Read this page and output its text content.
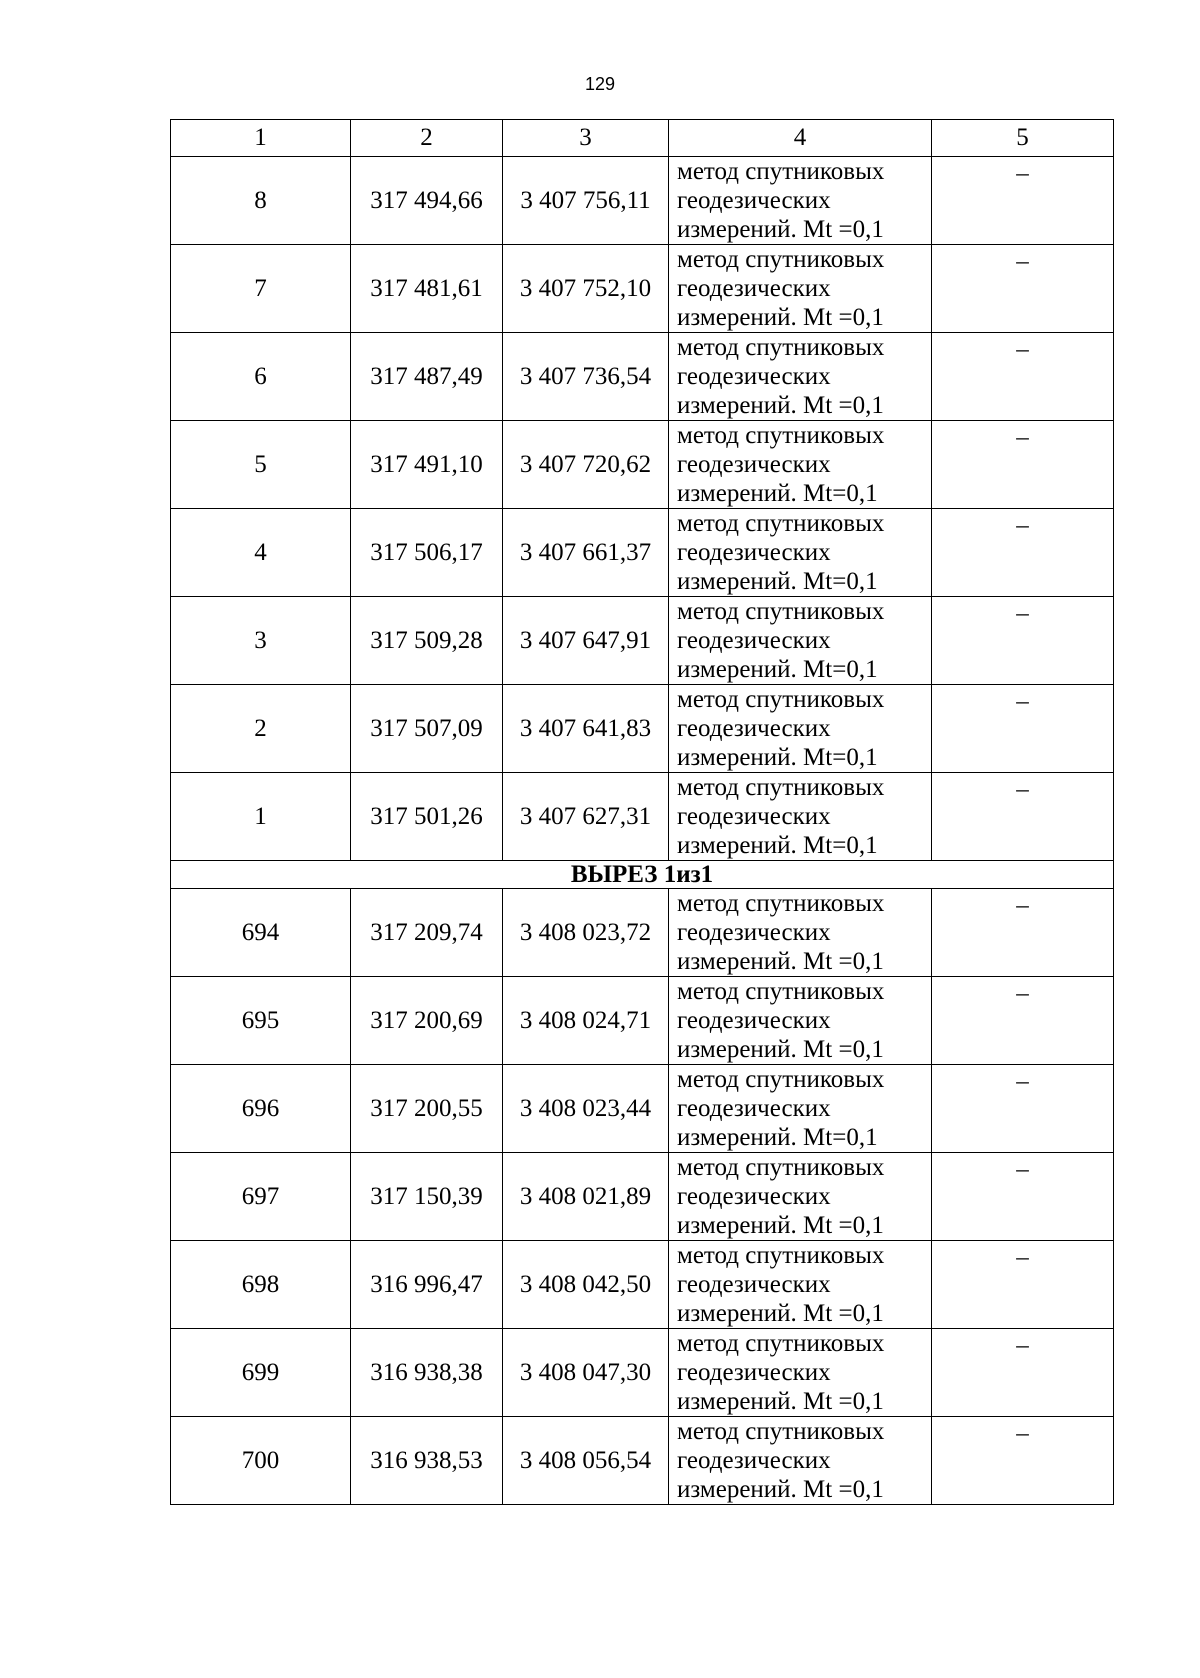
129
1	2	3	4	5
8	317 494,66	3 407 756,11	метод спутниковых
геодезических
измерений. Mt =0,1	–
7	317 481,61	3 407 752,10	метод спутниковых
геодезических
измерений. Mt =0,1	–
6	317 487,49	3 407 736,54	метод спутниковых
геодезических
измерений. Mt =0,1	–
5	317 491,10	3 407 720,62	метод спутниковых
геодезических
измерений. Mt=0,1	–
4	317 506,17	3 407 661,37	метод спутниковых
геодезических
измерений. Mt=0,1	–
3	317 509,28	3 407 647,91	метод спутниковых
геодезических
измерений. Mt=0,1	–
2	317 507,09	3 407 641,83	метод спутниковых
геодезических
измерений. Mt=0,1	–
1	317 501,26	3 407 627,31	метод спутниковых
геодезических
измерений. Mt=0,1	–
ВЫРЕЗ 1из1				
694	317 209,74	3 408 023,72	метод спутниковых
геодезических
измерений. Mt =0,1	–
695	317 200,69	3 408 024,71	метод спутниковых
геодезических
измерений. Mt =0,1	–
696	317 200,55	3 408 023,44	метод спутниковых
геодезических
измерений. Mt=0,1	–
697	317 150,39	3 408 021,89	метод спутниковых
геодезических
измерений. Mt =0,1	–
698	316 996,47	3 408 042,50	метод спутниковых
геодезических
измерений. Mt =0,1	–
699	316 938,38	3 408 047,30	метод спутниковых
геодезических
измерений. Mt =0,1	–
700	316 938,53	3 408 056,54	метод спутниковых
геодезических
измерений. Mt =0,1	–
